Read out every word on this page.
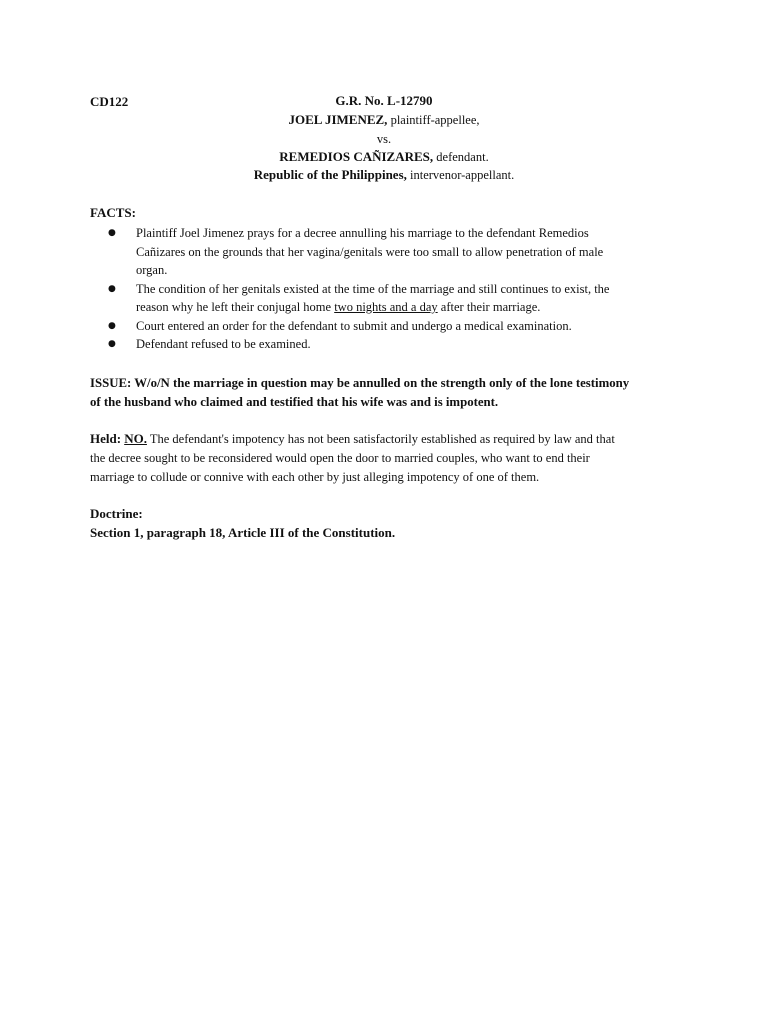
CD122	G.R. No. L-12790
JOEL JIMENEZ, plaintiff-appellee,
vs.
REMEDIOS CAÑIZARES, defendant.
Republic of the Philippines, intervenor-appellant.
FACTS:
● Plaintiff Joel Jimenez prays for a decree annulling his marriage to the defendant Remedios
Cañizares on the grounds that her vagina/genitals were too small to allow penetration of male
organ.
● The condition of her genitals existed at the time of the marriage and still continues to exist, the
reason why he left their conjugal home two nights and a day after their marriage.
● Court entered an order for the defendant to submit and undergo a medical examination.
● Defendant refused to be examined.
ISSUE: W/o/N the marriage in question may be annulled on the strength only of the lone testimony
of the husband who claimed and testified that his wife was and is impotent.
Held: NO. The defendant's impotency has not been satisfactorily established as required by law and that
the decree sought to be reconsidered would open the door to married couples, who want to end their
marriage to collude or connive with each other by just alleging impotency of one of them.
Doctrine:
Section 1, paragraph 18, Article III of the Constitution.
